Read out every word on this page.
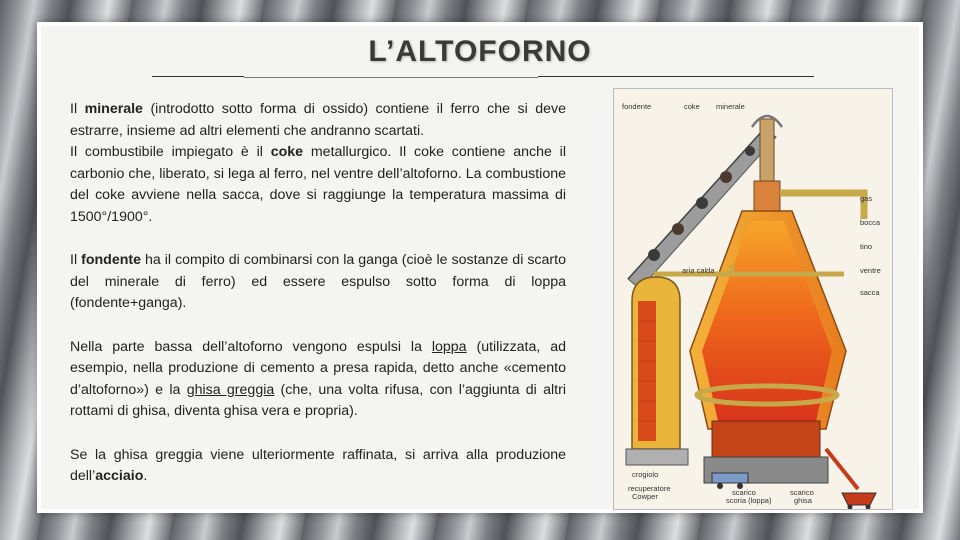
L’ALTOFORNO

Il minerale (introdotto sotto forma di ossido) contiene il ferro che si deve estrarre, insieme ad altri elementi che andranno scartati.

Il combustibile impiegato è il coke metallurgico. Il coke contiene anche il carbonio che, liberato, si lega al ferro, nel ventre dell’altoforno. La combustione del coke avviene nella sacca, dove si raggiunge la temperatura massima di 1500°/1900°.

Il fondente ha il compito di combinarsi con la ganga (cioè le sostanze di scarto del minerale di ferro) ed essere espulso sotto forma di loppa (fondente+ganga).

Nella parte bassa dell’altoforno vengono espulsi la loppa (utilizzata, ad esempio, nella produzione di cemento a presa rapida, detto anche «cemento d’altoforno») e la ghisa greggia (che, una volta rifusa, con l’aggiunta di altri rottami di ghisa, diventa ghisa vera e propria).

Se la ghisa greggia viene ulteriormente raffinata, si arriva alla produzione dell’acciaio.

fondente	coke minerale
gas
bocca
tino
aria calda	ventre
sacca
crogiolo
recuperatore
Cowper	scarico
scoria (loppa)
scarico
ghisa
